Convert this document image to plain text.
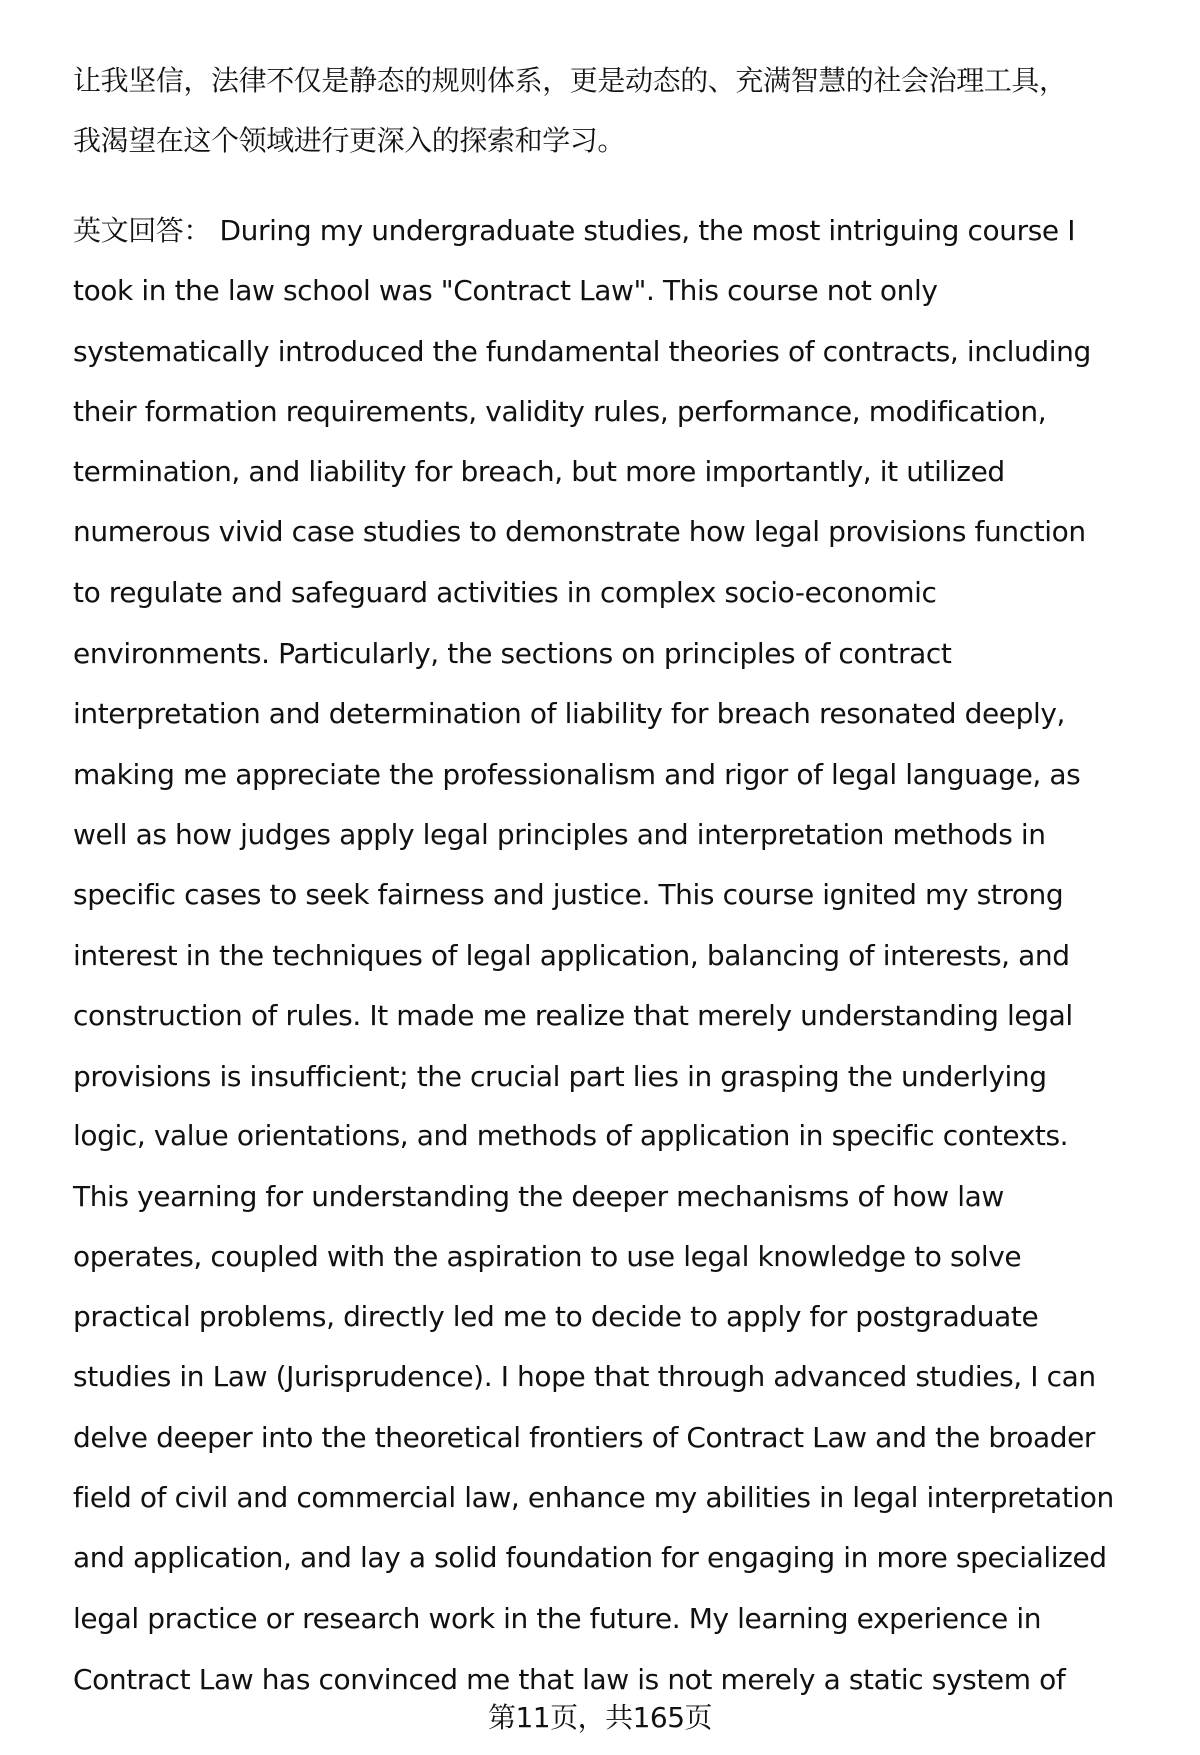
让我坚信，法律不仅是静态的规则体系，更是动态的、充满智慧的社会治理工具，
我渴望在这个领域进行更深入的探索和学习。
英文回答： During my undergraduate studies, the most intriguing course I
took in the law school was "Contract Law". This course not only
systematically introduced the fundamental theories of contracts, including
their formation requirements, validity rules, performance, modification,
termination, and liability for breach, but more importantly, it utilized
numerous vivid case studies to demonstrate how legal provisions function
to regulate and safeguard activities in complex socio-economic
environments. Particularly, the sections on principles of contract
interpretation and determination of liability for breach resonated deeply,
making me appreciate the professionalism and rigor of legal language, as
well as how judges apply legal principles and interpretation methods in
specific cases to seek fairness and justice. This course ignited my strong
interest in the techniques of legal application, balancing of interests, and
construction of rules. It made me realize that merely understanding legal
provisions is insufficient; the crucial part lies in grasping the underlying
logic, value orientations, and methods of application in specific contexts.
This yearning for understanding the deeper mechanisms of how law
operates, coupled with the aspiration to use legal knowledge to solve
practical problems, directly led me to decide to apply for postgraduate
studies in Law (Jurisprudence). I hope that through advanced studies, I can
delve deeper into the theoretical frontiers of Contract Law and the broader
field of civil and commercial law, enhance my abilities in legal interpretation
and application, and lay a solid foundation for engaging in more specialized
legal practice or research work in the future. My learning experience in
Contract Law has convinced me that law is not merely a static system of
第11页，共165页
